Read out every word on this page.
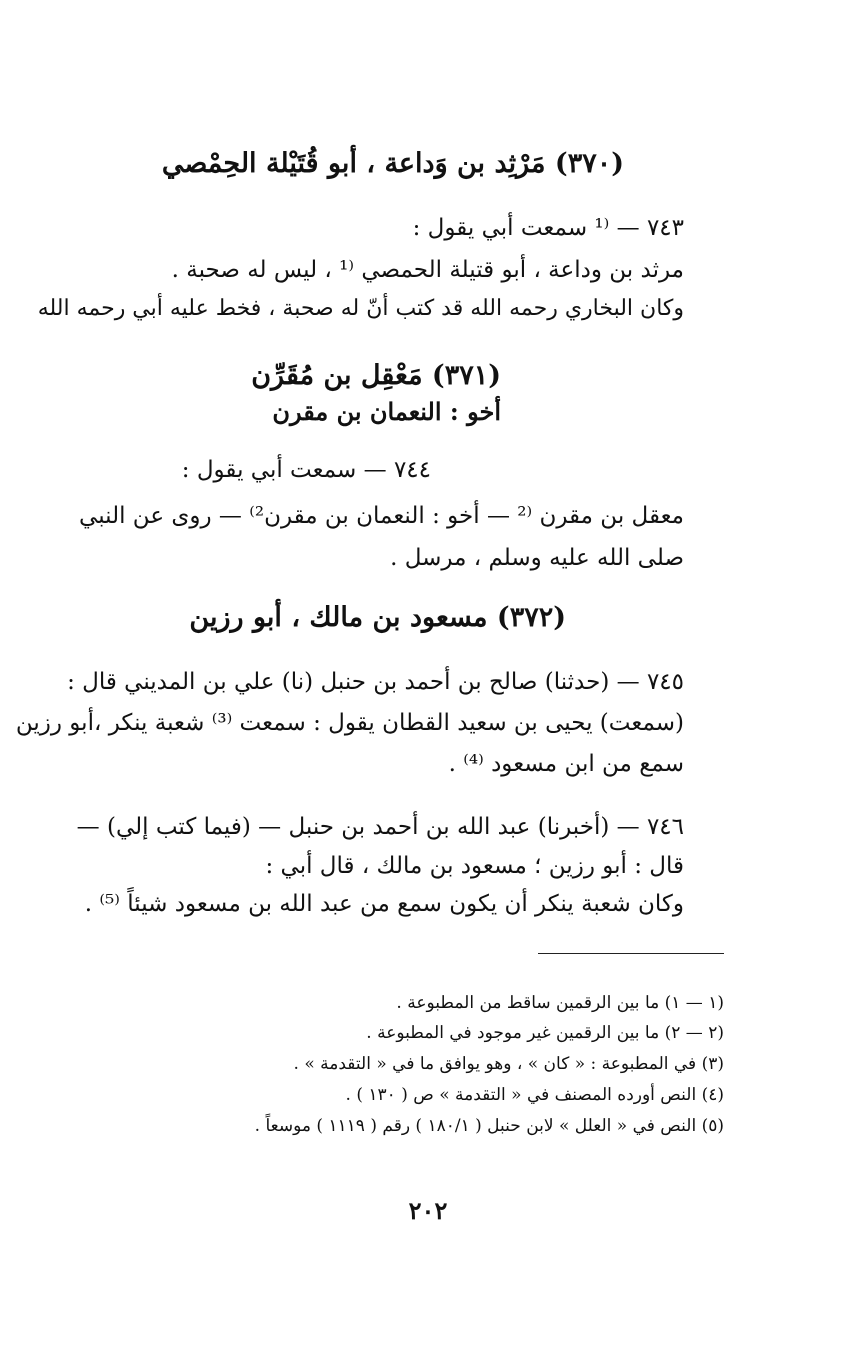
(٣٧٠) مَرْثِد بن وَداعة ، أبو قُتَيْلة الحِمْصي
٧٤٣ — ⁽¹ سمعت أبي يقول :
مرثد بن وداعة ، أبو قتيلة الحمصي ⁽¹ ، ليس له صحبة .
وكان البخاري رحمه الله قد كتب أنّ له صحبة ، فخط عليه أبي رحمه الله
(٣٧١) مَعْقِل بن مُقَرِّن
أخو : النعمان بن مقرن
٧٤٤ — سمعت أبي يقول :
معقل بن مقرن ⁽² — أخو : النعمان بن مقرن²⁾ — روى عن النبي
صلى الله عليه وسلم ، مرسل .
(٣٧٢) مسعود بن مالك ، أبو رزين
٧٤٥ — (حدثنا) صالح بن أحمد بن حنبل (نا) علي بن المديني قال :
(سمعت) يحيى بن سعيد القطان يقول : سمعت ⁽³⁾ شعبة ينكر ،أبو رزين
سمع من ابن مسعود ⁽⁴⁾ .
٧٤٦ — (أخبرنا) عبد الله بن أحمد بن حنبل — (فيما كتب إلي) —
قال : أبو رزين ؛ مسعود بن مالك ، قال أبي :
وكان شعبة ينكر أن يكون سمع من عبد الله بن مسعود شيئاً ⁽⁵⁾ .
(١ — ١) ما بين الرقمين ساقط من المطبوعة .
(٢ — ٢) ما بين الرقمين غير موجود في المطبوعة .
(٣) في المطبوعة : « كان » ، وهو يوافق ما في « التقدمة » .
(٤) النص أورده المصنف في « التقدمة » ص ( ١٣٠ ) .
(٥) النص في « العلل » لابن حنبل ( ١٨٠/١ ) رقم ( ١١١٩ ) موسعاً .
٢٠٢
